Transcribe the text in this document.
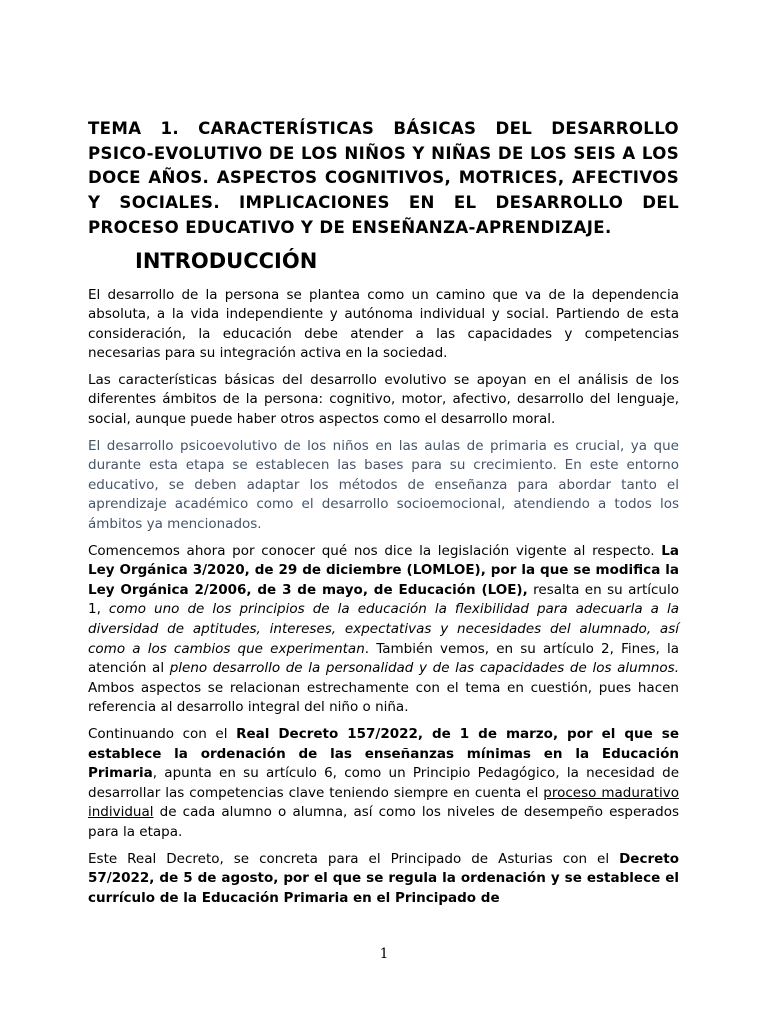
TEMA 1. CARACTERÍSTICAS BÁSICAS DEL DESARROLLO PSICO-EVOLUTIVO DE LOS NIÑOS Y NIÑAS DE LOS SEIS A LOS DOCE AÑOS. ASPECTOS COGNITIVOS, MOTRICES, AFECTIVOS Y SOCIALES. IMPLICACIONES EN EL DESARROLLO DEL PROCESO EDUCATIVO Y DE ENSEÑANZA-APRENDIZAJE.
INTRODUCCIÓN

El desarrollo de la persona se plantea como un camino que va de la dependencia absoluta, a la vida independiente y autónoma individual y social. Partiendo de esta consideración, la educación debe atender a las capacidades y competencias necesarias para su integración activa en la sociedad.

Las características básicas del desarrollo evolutivo se apoyan en el análisis de los diferentes ámbitos de la persona: cognitivo, motor, afectivo, desarrollo del lenguaje, social, aunque puede haber otros aspectos como el desarrollo moral.

El desarrollo psicoevolutivo de los niños en las aulas de primaria es crucial, ya que durante esta etapa se establecen las bases para su crecimiento. En este entorno educativo, se deben adaptar los métodos de enseñanza para abordar tanto el aprendizaje académico como el desarrollo socioemocional, atendiendo a todos los ámbitos ya mencionados.

Comencemos ahora por conocer qué nos dice la legislación vigente al respecto. La Ley Orgánica 3/2020, de 29 de diciembre (LOMLOE), por la que se modifica la Ley Orgánica 2/2006, de 3 de mayo, de Educación (LOE), resalta en su artículo 1, como uno de los principios de la educación la flexibilidad para adecuarla a la diversidad de aptitudes, intereses, expectativas y necesidades del alumnado, así como a los cambios que experimentan. También vemos, en su artículo 2, Fines, la atención al pleno desarrollo de la personalidad y de las capacidades de los alumnos. Ambos aspectos se relacionan estrechamente con el tema en cuestión, pues hacen referencia al desarrollo integral del niño o niña.

Continuando con el Real Decreto 157/2022, de 1 de marzo, por el que se establece la ordenación de las enseñanzas mínimas en la Educación Primaria, apunta en su artículo 6, como un Principio Pedagógico, la necesidad de desarrollar las competencias clave teniendo siempre en cuenta el proceso madurativo individual de cada alumno o alumna, así como los niveles de desempeño esperados para la etapa.

Este Real Decreto, se concreta para el Principado de Asturias con el Decreto 57/2022, de 5 de agosto, por el que se regula la ordenación y se establece el currículo de la Educación Primaria en el Principado de

1
